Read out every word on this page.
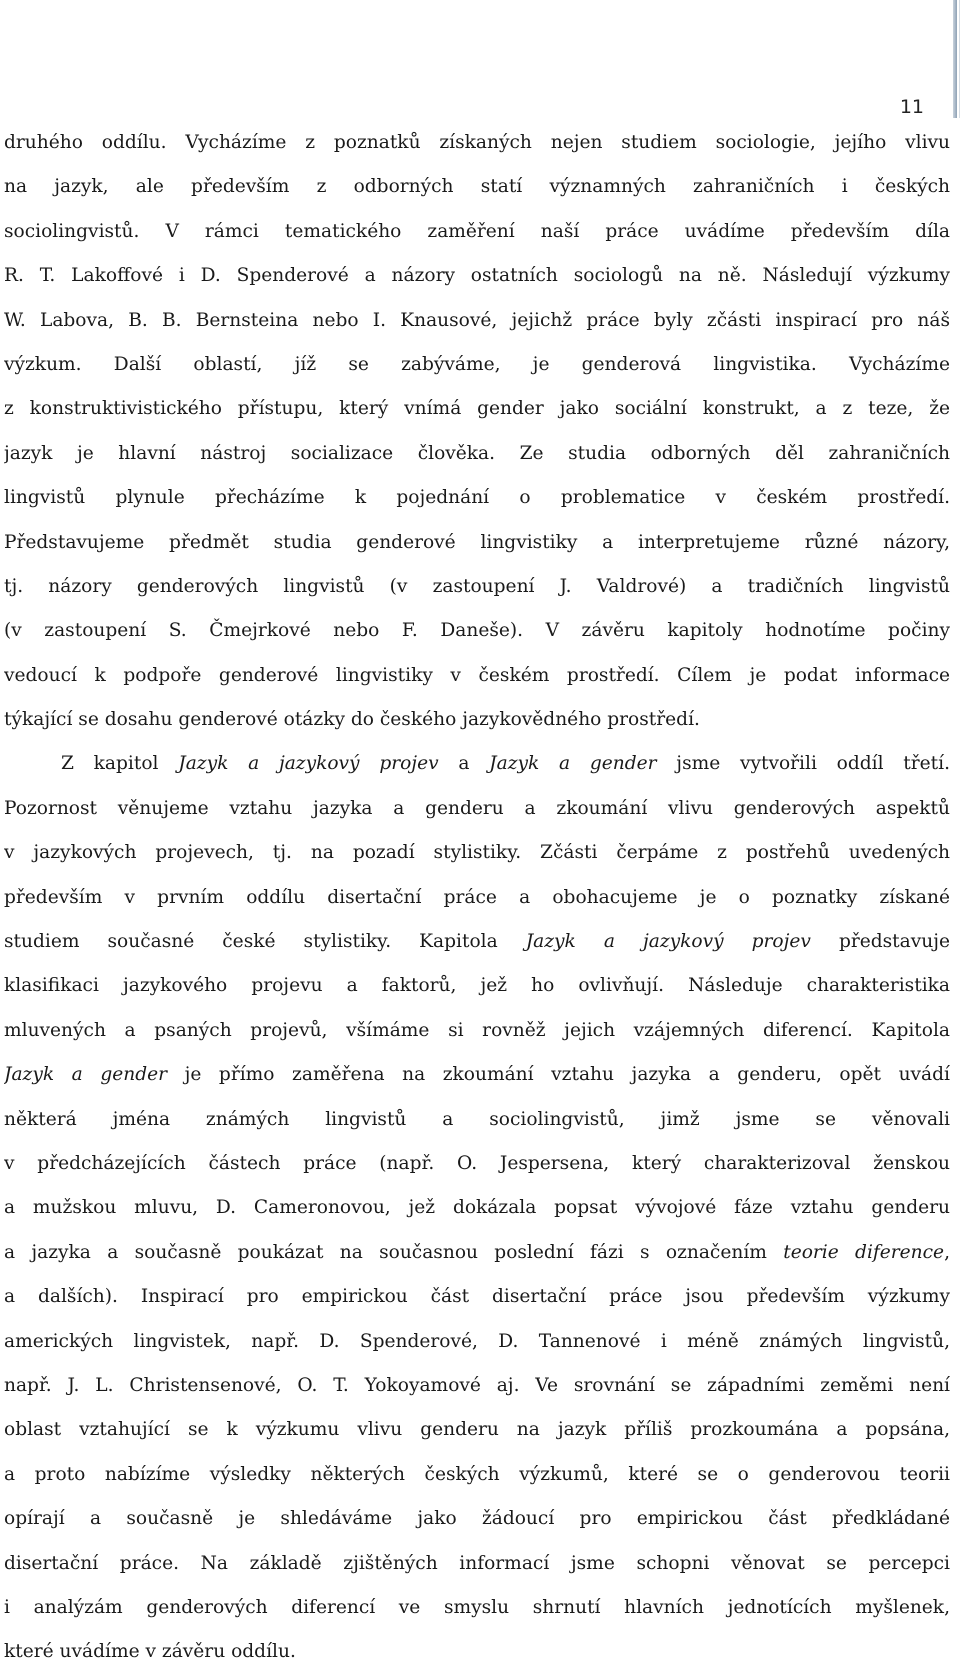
11
druhého oddílu. Vycházíme z poznatků získaných nejen studiem sociologie, jejího vlivu
na jazyk, ale především z odborných statí významných zahraničních i českých
sociolingvistů. V rámci tematického zaměření naší práce uvádíme především díla
R. T. Lakoffové i D. Spenderové a názory ostatních sociologů na ně. Následují výzkumy
W. Labova, B. B. Bernsteina nebo I. Knausové, jejichž práce byly zčásti inspirací pro náš
výzkum. Další oblastí, jíž se zabýváme, je genderová lingvistika. Vycházíme
z konstruktivistického přístupu, který vnímá gender jako sociální konstrukt, a z teze, že
jazyk je hlavní nástroj socializace člověka. Ze studia odborných děl zahraničních
lingvistů plynule přecházíme k pojednání o problematice v českém prostředí.
Představujeme předmět studia genderové lingvistiky a interpretujeme různé názory,
tj. názory genderových lingvistů (v zastoupení J. Valdrové) a tradičních lingvistů
(v zastoupení S. Čmejrkové nebo F. Daneše). V závěru kapitoly hodnotíme počiny
vedoucí k podpoře genderové lingvistiky v českém prostředí. Cílem je podat informace
týkající se dosahu genderové otázky do českého jazykovědného prostředí.
Z kapitol Jazyk a jazykový projev a Jazyk a gender jsme vytvořili oddíl třetí.
Pozornost věnujeme vztahu jazyka a genderu a zkoumání vlivu genderových aspektů
v jazykových projevech, tj. na pozadí stylistiky. Zčásti čerpáme z postřehů uvedených
především v prvním oddílu disertační práce a obohacujeme je o poznatky získané
studiem současné české stylistiky. Kapitola Jazyk a jazykový projev představuje
klasifikaci jazykového projevu a faktorů, jež ho ovlivňují. Následuje charakteristika
mluvených a psaných projevů, všímáme si rovněž jejich vzájemných diferencí. Kapitola
Jazyk a gender je přímo zaměřena na zkoumání vztahu jazyka a genderu, opět uvádí
některá jména známých lingvistů a sociolingvistů, jimž jsme se věnovali
v předcházejících částech práce (např. O. Jespersena, který charakterizoval ženskou
a mužskou mluvu, D. Cameronovou, jež dokázala popsat vývojové fáze vztahu genderu
a jazyka a současně poukázat na současnou poslední fázi s označením teorie diference,
a dalších). Inspirací pro empirickou část disertační práce jsou především výzkumy
amerických lingvistek, např. D. Spenderové, D. Tannenové i méně známých lingvistů,
např. J. L. Christensenové, O. T. Yokoyamové aj. Ve srovnání se západními zeměmi není
oblast vztahující se k výzkumu vlivu genderu na jazyk příliš prozkoumána a popsána,
a proto nabízíme výsledky některých českých výzkumů, které se o genderovou teorii
opírají a současně je shledáváme jako žádoucí pro empirickou část předkládané
disertační práce. Na základě zjištěných informací jsme schopni věnovat se percepci
i analýzám genderových diferencí ve smyslu shrnutí hlavních jednotících myšlenek,
které uvádíme v závěru oddílu.
